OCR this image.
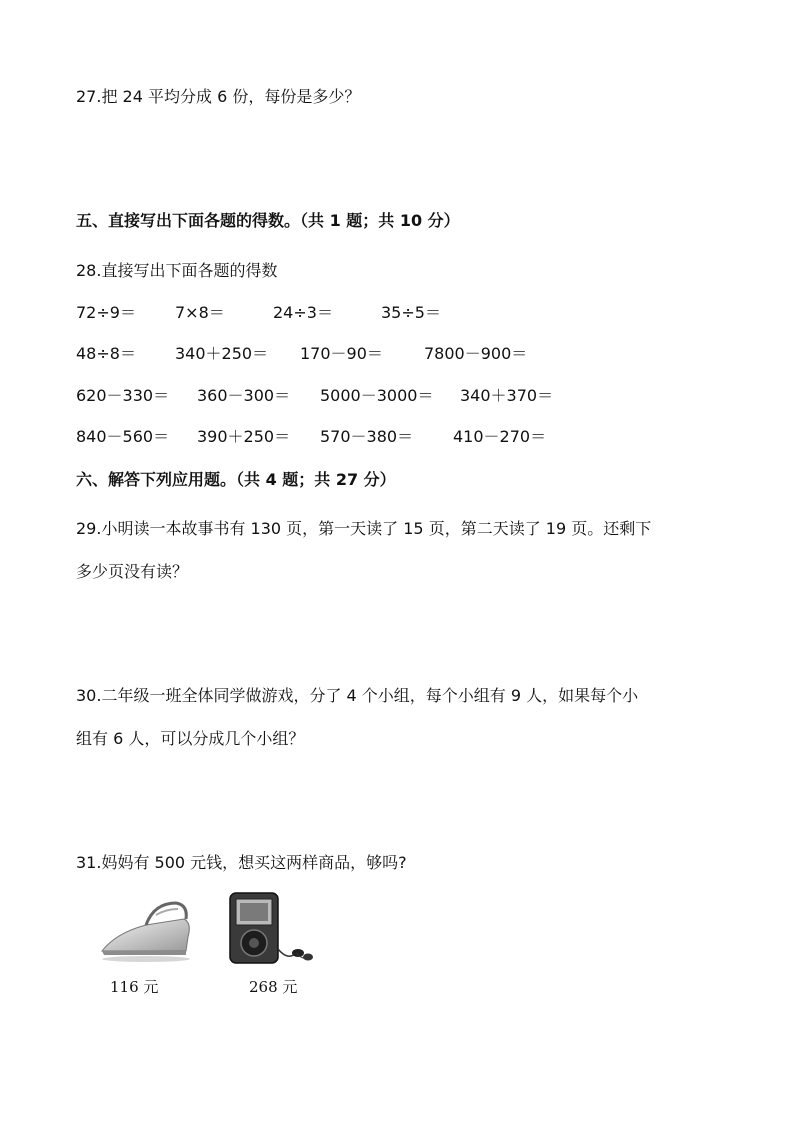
27.把 24 平均分成 6 份，每份是多少？
五、直接写出下面各题的得数。（共 1 题；共 10 分）
28.直接写出下面各题的得数
72÷9＝ 7×8＝	24÷3＝	35÷5＝
48÷8＝ 340＋250＝ 170－90＝	7800－900＝
620－330＝ 360－300＝ 5000－3000＝ 340＋370＝
840－560＝ 390＋250＝ 570－380＝ 410－270＝
六、解答下列应用题。（共 4 题；共 27 分）
29.小明读一本故事书有 130 页，第一天读了 15 页，第二天读了 19 页。还剩下
多少页没有读？
30.二年级一班全体同学做游戏，分了 4 个小组，每个小组有 9 人，如果每个小
组有 6 人，可以分成几个小组？
31.妈妈有 500 元钱，想买这两样商品，够吗?
116 元	268 元
